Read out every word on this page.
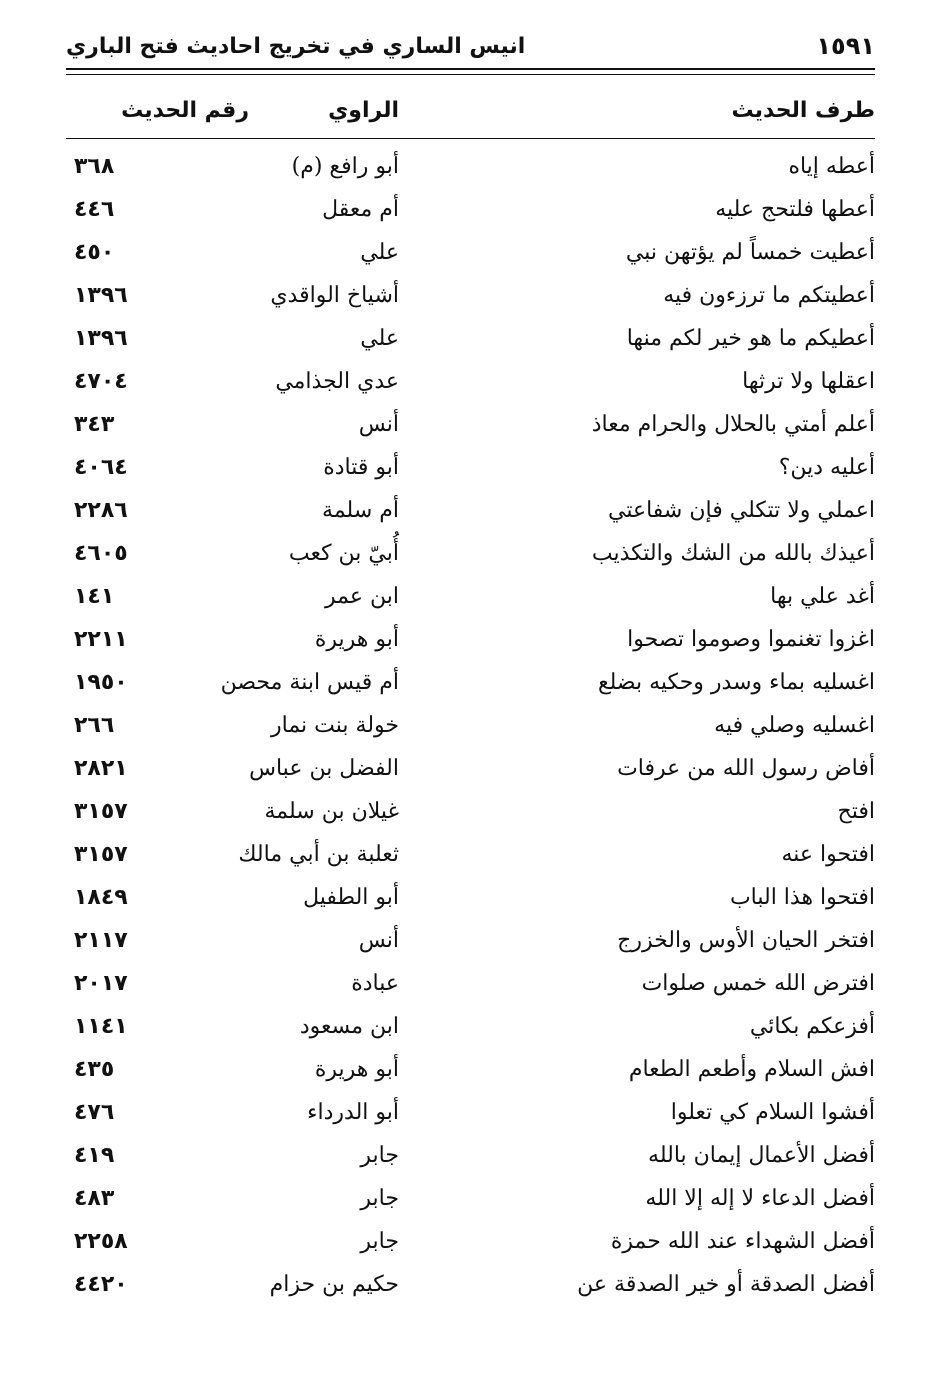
انيس الساري في تخريج احاديث فتح الباري	١٥٩١
طرف الحديث
الراوي
رقم الحديث
أعطه إياه
أبو رافع (م)
٣٦٨
أعطها فلتحج عليه
أم معقل
٤٤٦
أعطيت خمساً لم يؤتهن نبي
علي
٤٥٠
أعطيتكم ما ترزءون فيه
أشياخ الواقدي
١٣٩٦
أعطيكم ما هو خير لكم منها
علي
١٣٩٦
اعقلها ولا ترثها
عدي الجذامي
٤٧٠٤
أعلم أمتي بالحلال والحرام معاذ
أنس
٣٤٣
أعليه دين؟
أبو قتادة
٤٠٦٤
اعملي ولا تتكلي فإن شفاعتي
أم سلمة
٢٢٨٦
أعيذك بالله من الشك والتكذيب
أُبيّ بن كعب
٤٦٠٥
أغد علي بها
ابن عمر
١٤١
اغزوا تغنموا وصوموا تصحوا
أبو هريرة
٢٢١١
اغسليه بماء وسدر وحكيه بضلع
أم قيس ابنة محصن
١٩٥٠
اغسليه وصلي فيه
خولة بنت نمار
٢٦٦
أفاض رسول الله من عرفات
الفضل بن عباس
٢٨٢١
افتح
غيلان بن سلمة
٣١٥٧
افتحوا عنه
ثعلبة بن أبي مالك
٣١٥٧
افتحوا هذا الباب
أبو الطفيل
١٨٤٩
افتخر الحيان الأوس والخزرج
أنس
٢١١٧
افترض الله خمس صلوات
عبادة
٢٠١٧
أفزعكم بكائي
ابن مسعود
١١٤١
افش السلام وأطعم الطعام
أبو هريرة
٤٣٥
أفشوا السلام كي تعلوا
أبو الدرداء
٤٧٦
أفضل الأعمال إيمان بالله
جابر
٤١٩
أفضل الدعاء لا إله إلا الله
جابر
٤٨٣
أفضل الشهداء عند الله حمزة
جابر
٢٢٥٨
أفضل الصدقة أو خير الصدقة عن
حكيم بن حزام
٤٤٢٠
